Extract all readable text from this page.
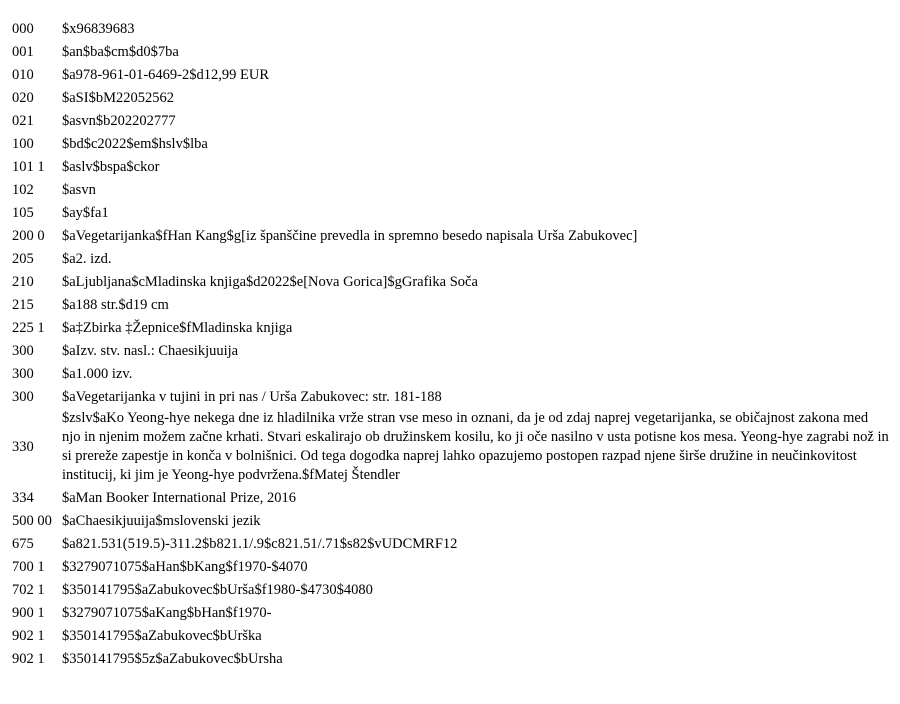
000	$x96839683
001	$an$ba$cm$d0$7ba
010	$a978-961-01-6469-2$d12,99 EUR
020	$aSI$bM22052562
021	$asvn$b202202777
100	$bd$c2022$em$hslv$lba
101 1	$aslv$bspa$ckor
102	$asvn
105	$ay$fa1
200 0	$aVegetarijanka$fHan Kang$g[iz španščine prevedla in spremno besedo napisala Urša Zabukovec]
205	$a2. izd.
210	$aLjubljana$cMladinska knjiga$d2022$e[Nova Gorica]$gGrafika Soča
215	$a188 str.$d19 cm
225 1	$a‡Zbirka ‡Žepnice$fMladinska knjiga
300	$aIzv. stv. nasl.: Chaesikjuuija
300	$a1.000 izv.
300	$aVegetarijanka v tujini in pri nas / Urša Zabukovec: str. 181-188
330	$zslv$aKo Yeong-hye nekega dne iz hladilnika vrže stran vse meso in oznani, da je od zdaj naprej vegetarijanka, se običajnost zakona med njo in njenim možem začne krhati. Stvari eskalirajo ob družinskem kosilu, ko ji oče nasilno v usta potisne kos mesa. Yeong-hye zagrabi nož in si prereže zapestje in konča v bolnišnici. Od tega dogodka naprej lahko opazujemo postopen razpad njene širše družine in neučinkovitost institucij, ki jim je Yeong-hye podvržena.$fMatej Štendler
334	$aMan Booker International Prize, 2016
500 00	$aChaesikjuuija$mslovenski jezik
675	$a821.531(519.5)-311.2$b821.1/.9$c821.51/.71$s82$vUDCMRF12
700 1	$3279071075$aHan$bKang$f1970-$4070
702 1	$350141795$aZabukovec$bUrša$f1980-$4730$4080
900 1	$3279071075$aKang$bHan$f1970-
902 1	$350141795$aZabukovec$bUrška
902 1	$350141795$5z$aZabukovec$bUrsha
